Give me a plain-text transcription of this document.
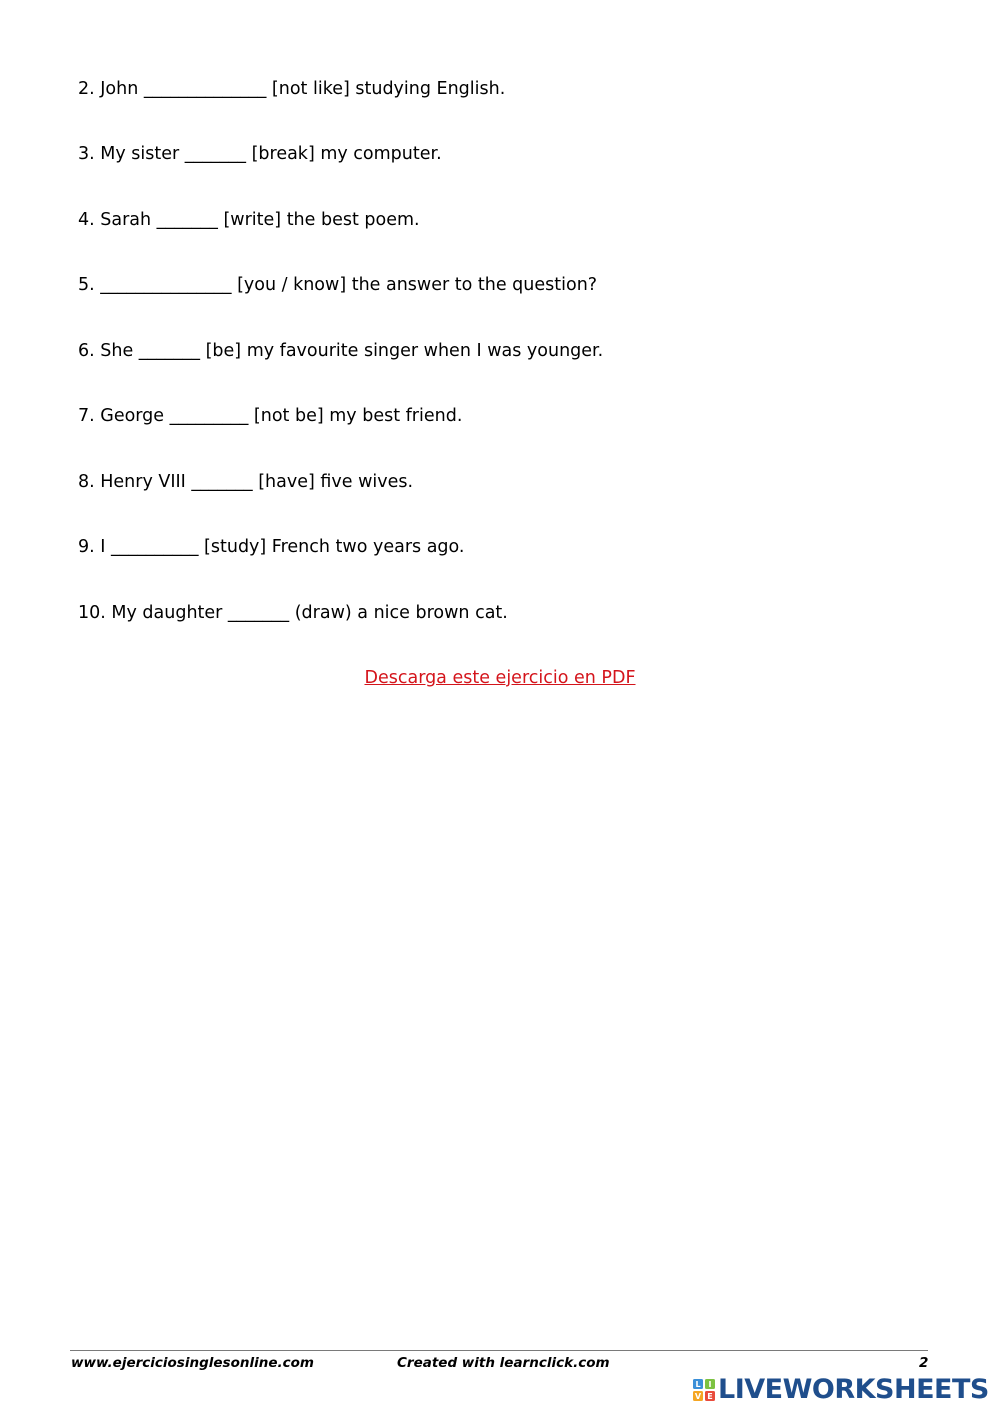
2. John ______________ [not like] studying English.
3. My sister _______ [break] my computer.
4. Sarah _______ [write] the best poem.
5. _______________ [you / know] the answer to the question?
6. She _______ [be] my favourite singer when I was younger.
7. George _________ [not be] my best friend.
8. Henry VIII _______ [have] five wives.
9. I __________ [study] French two years ago.
10. My daughter _______ (draw) a nice brown cat.
Descarga este ejercicio en PDF
www.ejerciciosinglesonline.com	Created with learnclick.com	2
L I
V E LIVEWORKSHEETS
